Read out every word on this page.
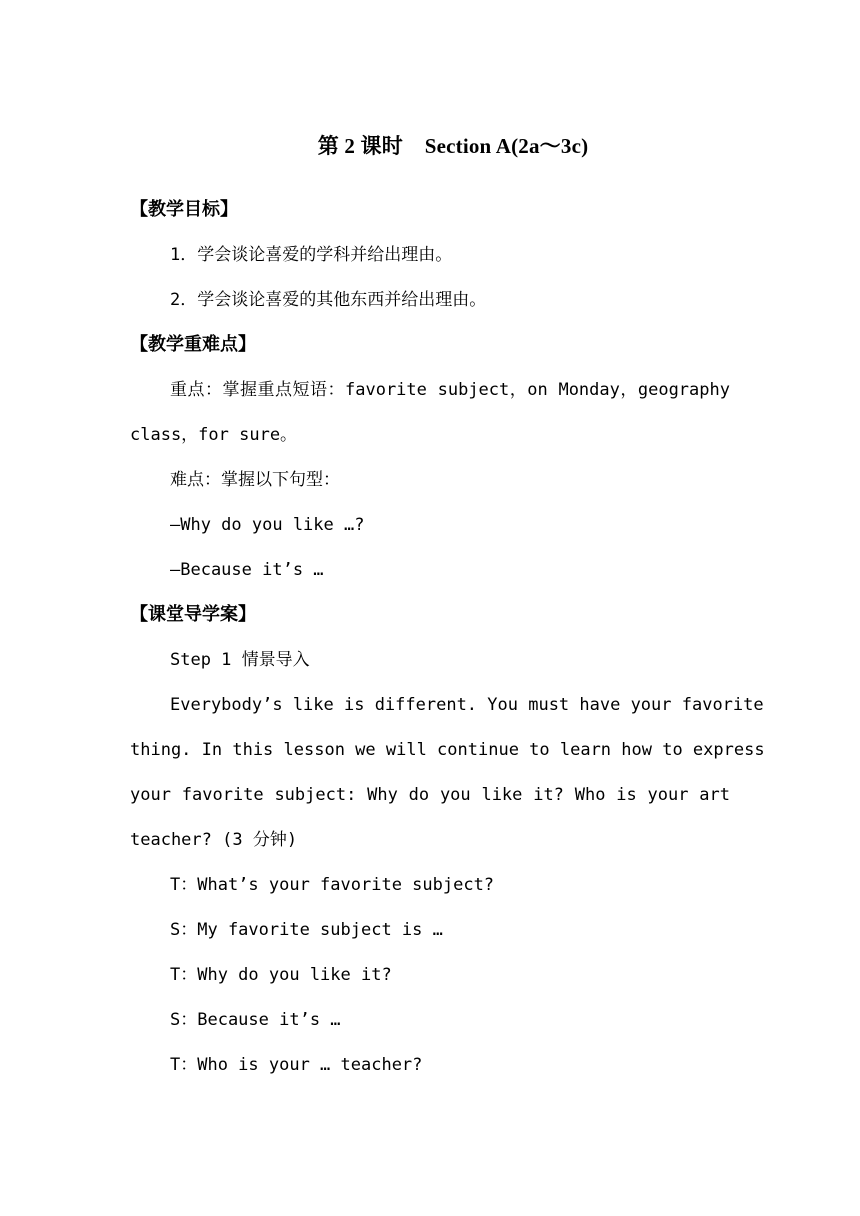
第 2 课时    Section A(2a～3c)
【教学目标】
1．学会谈论喜爱的学科并给出理由。
2．学会谈论喜爱的其他东西并给出理由。
【教学重难点】
重点：掌握重点短语：favorite subject，on Monday，geography
class，for sure。
难点：掌握以下句型：
—Why do you like …?
—Because it’s …
【课堂导学案】
Step 1 情景导入
Everybody’s like is different. You must have your favorite
thing. In this lesson we will continue to learn how to express
your favorite subject: Why do you like it? Who is your art
teacher? (3 分钟)
T：What’s your favorite subject?
S：My favorite subject is …
T：Why do you like it?
S：Because it’s …
T：Who is your … teacher?
